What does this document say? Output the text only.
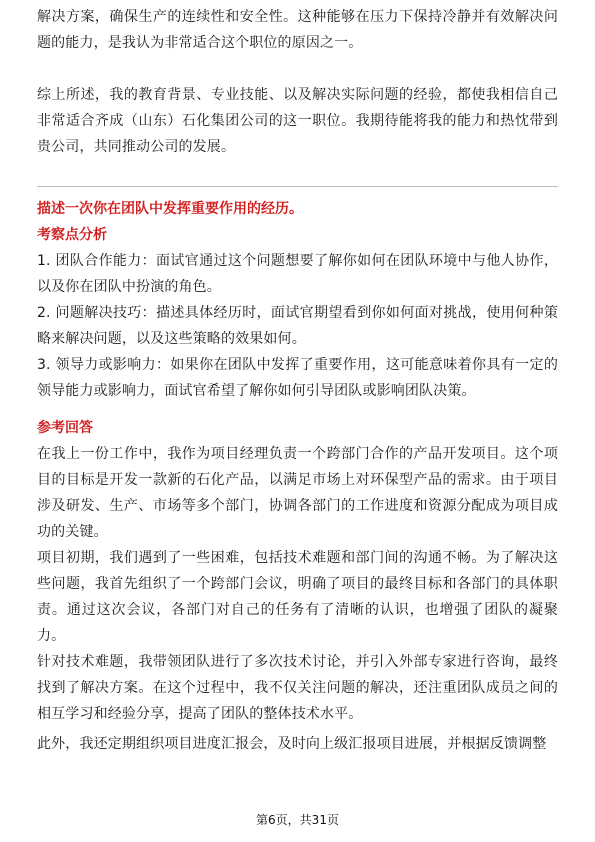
解决方案，确保生产的连续性和安全性。这种能够在压力下保持冷静并有效解决问题的能力，是我认为非常适合这个职位的原因之一。
综上所述，我的教育背景、专业技能、以及解决实际问题的经验，都使我相信自己非常适合齐成（山东）石化集团公司的这一职位。我期待能将我的能力和热忱带到贵公司，共同推动公司的发展。
描述一次你在团队中发挥重要作用的经历。
考察点分析
1. 团队合作能力：面试官通过这个问题想要了解你如何在团队环境中与他人协作，以及你在团队中扮演的角色。
2. 问题解决技巧：描述具体经历时，面试官期望看到你如何面对挑战，使用何种策略来解决问题，以及这些策略的效果如何。
3. 领导力或影响力：如果你在团队中发挥了重要作用，这可能意味着你具有一定的领导能力或影响力，面试官希望了解你如何引导团队或影响团队决策。
参考回答
在我上一份工作中，我作为项目经理负责一个跨部门合作的产品开发项目。这个项目的目标是开发一款新的石化产品，以满足市场上对环保型产品的需求。由于项目涉及研发、生产、市场等多个部门，协调各部门的工作进度和资源分配成为项目成功的关键。
项目初期，我们遇到了一些困难，包括技术难题和部门间的沟通不畅。为了解决这些问题，我首先组织了一个跨部门会议，明确了项目的最终目标和各部门的具体职责。通过这次会议，各部门对自己的任务有了清晰的认识，也增强了团队的凝聚力。
针对技术难题，我带领团队进行了多次技术讨论，并引入外部专家进行咨询，最终找到了解决方案。在这个过程中，我不仅关注问题的解决，还注重团队成员之间的相互学习和经验分享，提高了团队的整体技术水平。
此外，我还定期组织项目进度汇报会，及时向上级汇报项目进展，并根据反馈调整
第6页，共31页
